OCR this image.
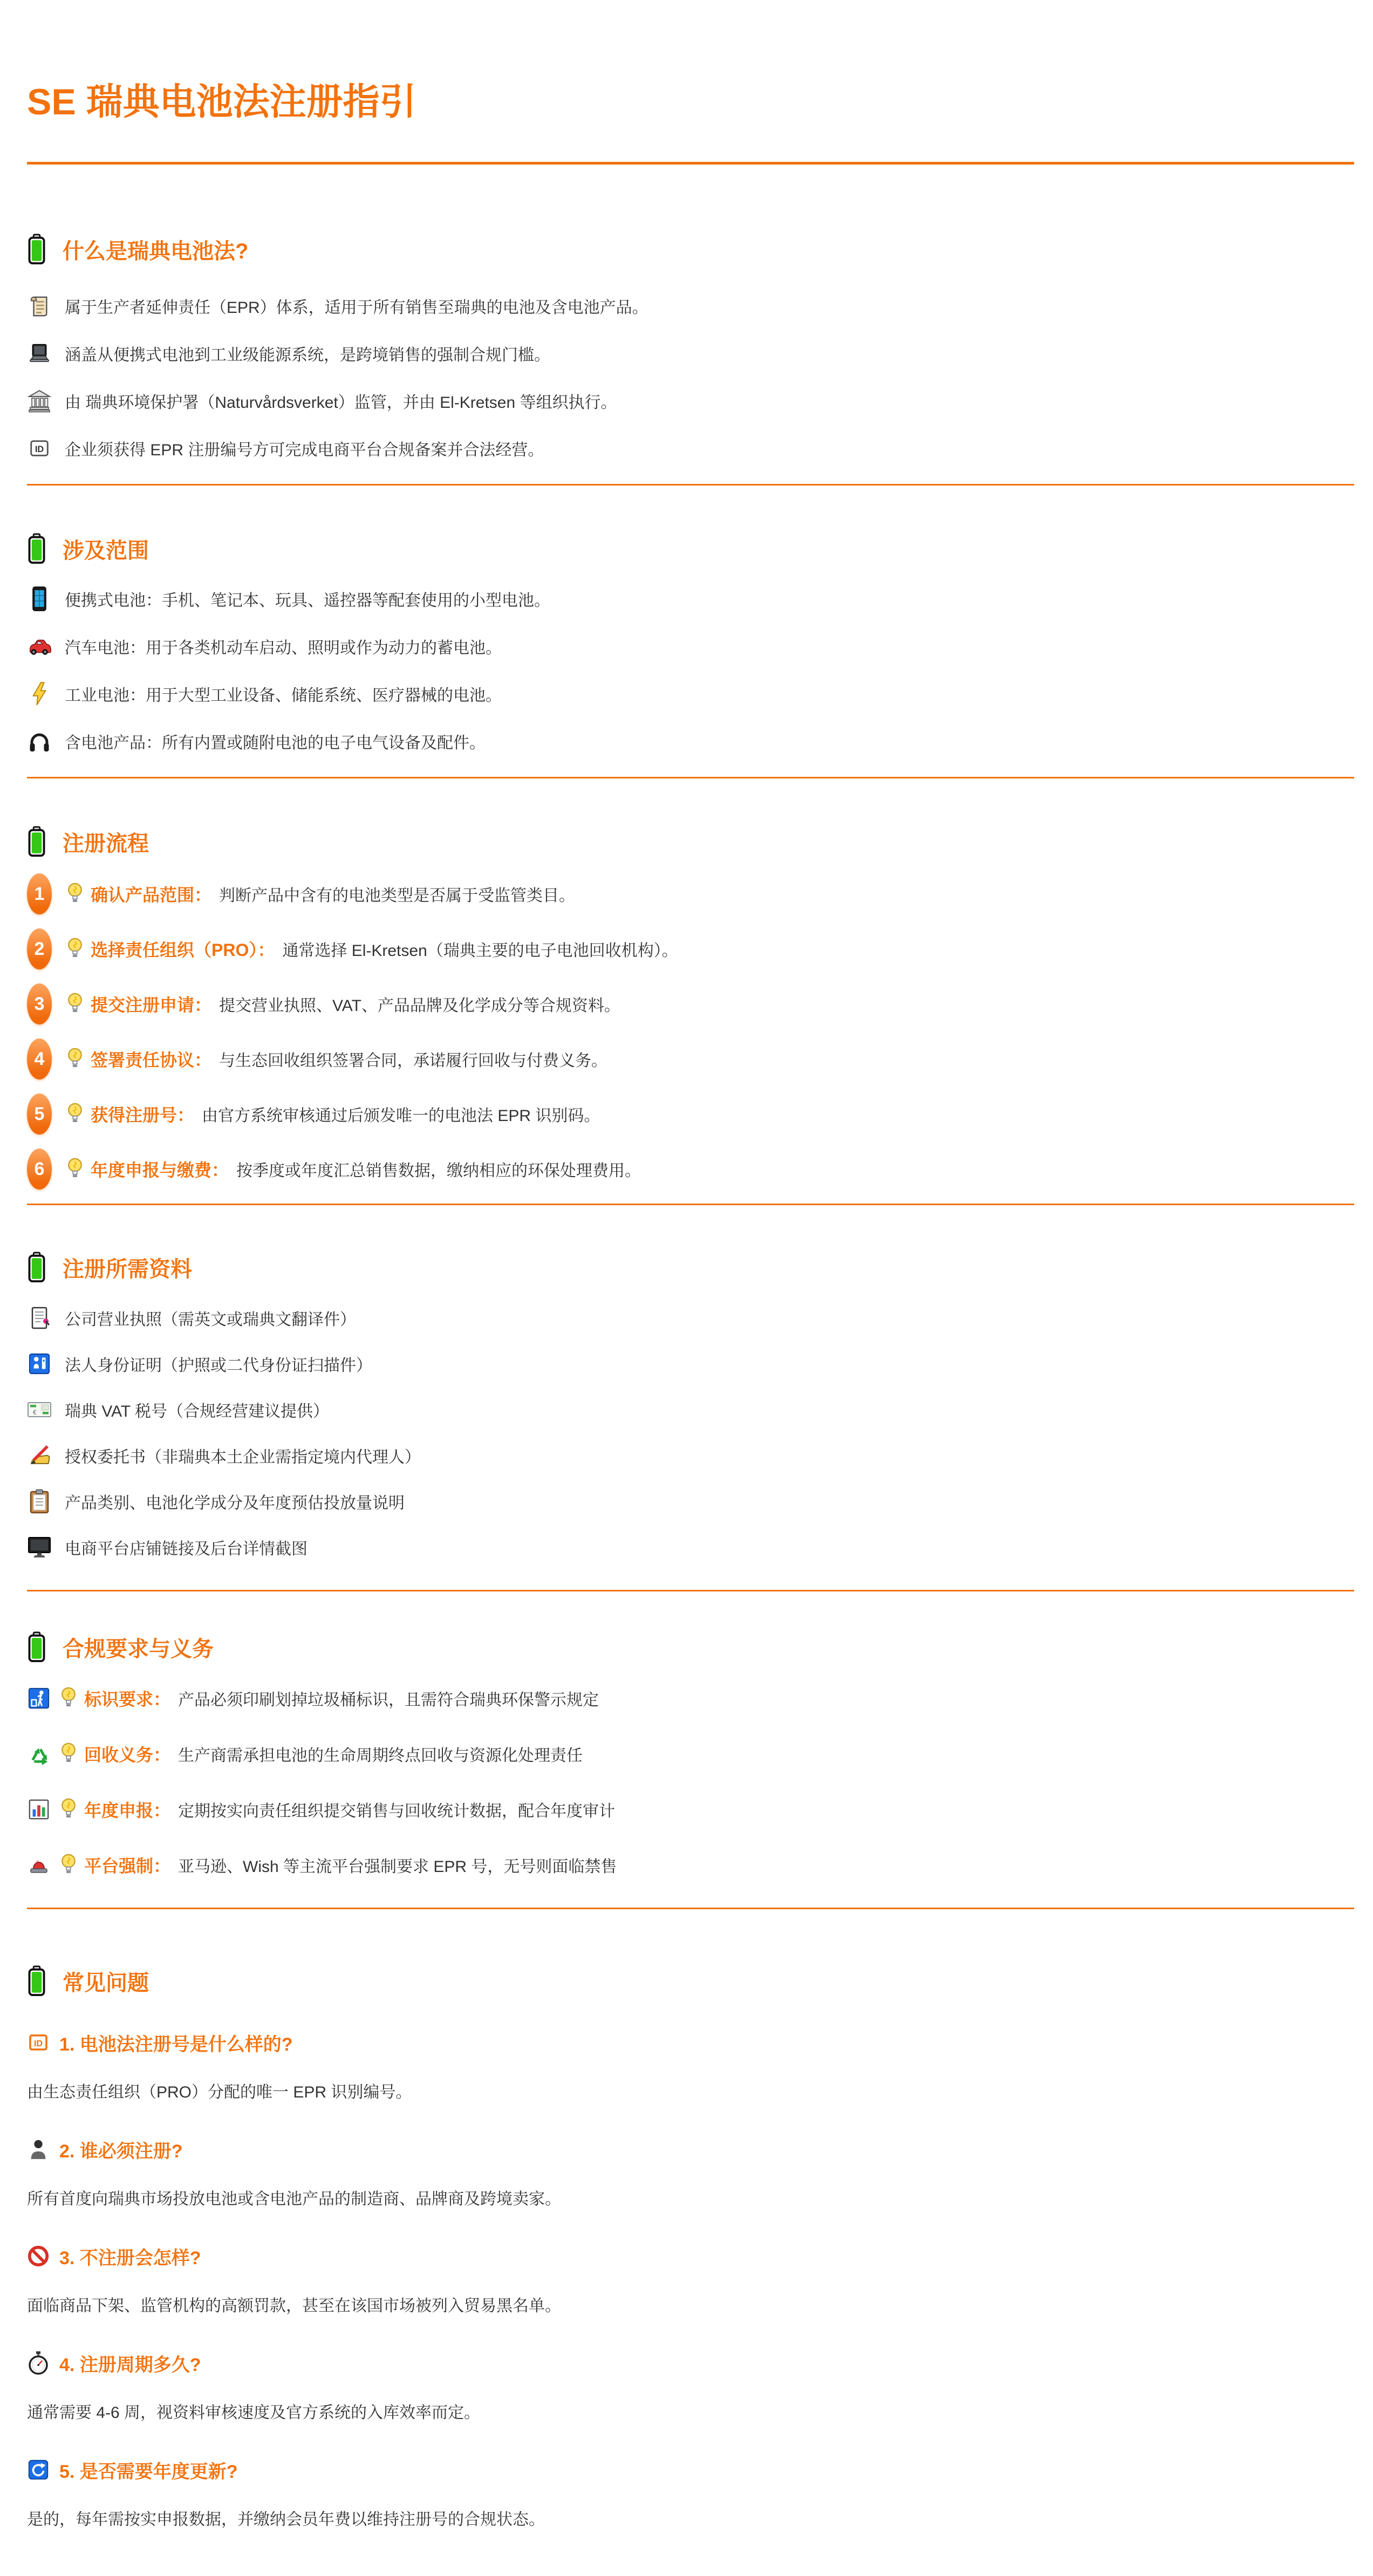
SE 瑞典电池法注册指引
什么是瑞典电池法?
属于生产者延伸责任（EPR）体系，适用于所有销售至瑞典的电池及含电池产品。
涵盖从便携式电池到工业级能源系统，是跨境销售的强制合规门槛。
由 瑞典环境保护署（Naturvårdsverket）监管，并由 El-Kretsen 等组织执行。
ID 企业须获得 EPR 注册编号方可完成电商平台合规备案并合法经营。
涉及范围
便携式电池：手机、笔记本、玩具、遥控器等配套使用的小型电池。
汽车电池：用于各类机动车启动、照明或作为动力的蓄电池。
工业电池：用于大型工业设备、储能系统、医疗器械的电池。
含电池产品：所有内置或随附电池的电子电气设备及配件。
注册流程
1	确认产品范围： 判断产品中含有的电池类型是否属于受监管类目。
2	选择责任组织（PRO）： 通常选择 El-Kretsen（瑞典主要的电子电池回收机构）。
3	提交注册申请： 提交营业执照、VAT、产品品牌及化学成分等合规资料。
4	签署责任协议： 与生态回收组织签署合同，承诺履行回收与付费义务。
5	获得注册号： 由官方系统审核通过后颁发唯一的电池法 EPR 识别码。
6	年度申报与缴费： 按季度或年度汇总销售数据，缴纳相应的环保处理费用。
注册所需资料
公司营业执照（需英文或瑞典文翻译件）
法人身份证明（护照或二代身份证扫描件）
€ 瑞典 VAT 税号（合规经营建议提供）
授权委托书（非瑞典本土企业需指定境内代理人）
产品类别、电池化学成分及年度预估投放量说明
电商平台店铺链接及后台详情截图
合规要求与义务
标识要求： 产品必须印刷划掉垃圾桶标识，且需符合瑞典环保警示规定
回收义务： 生产商需承担电池的生命周期终点回收与资源化处理责任
年度申报： 定期按实向责任组织提交销售与回收统计数据，配合年度审计
平台强制： 亚马逊、Wish 等主流平台强制要求 EPR 号，无号则面临禁售
常见问题
ID 1. 电池法注册号是什么样的?
由生态责任组织（PRO）分配的唯一 EPR 识别编号。
2. 谁必须注册?
所有首度向瑞典市场投放电池或含电池产品的制造商、品牌商及跨境卖家。
3. 不注册会怎样?
面临商品下架、监管机构的高额罚款，甚至在该国市场被列入贸易黑名单。
4. 注册周期多久?
通常需要 4-6 周，视资料审核速度及官方系统的入库效率而定。
5. 是否需要年度更新?
是的，每年需按实申报数据，并缴纳会员年费以维持注册号的合规状态。
